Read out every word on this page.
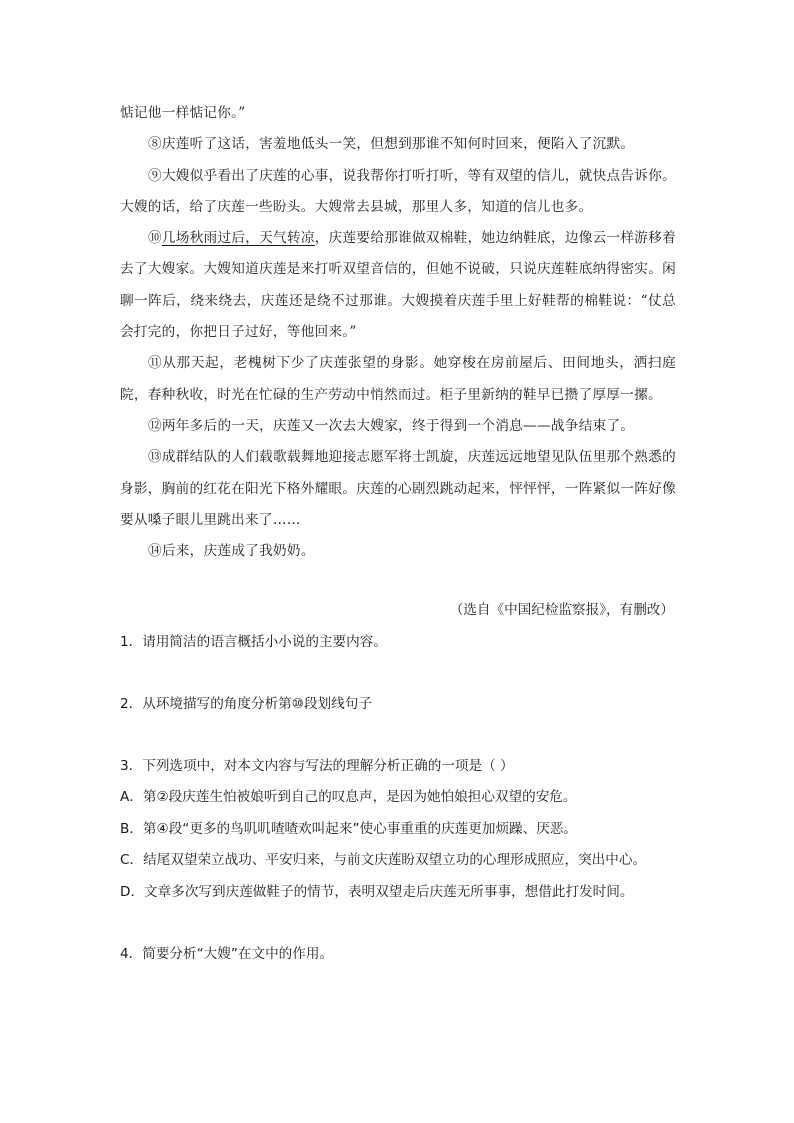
惦记他一样惦记你。”

⑧庆莲听了这话，害羞地低头一笑，但想到那谁不知何时回来，便陷入了沉默。

⑨大嫂似乎看出了庆莲的心事，说我帮你打听打听，等有双望的信儿，就快点告诉你。大嫂的话，给了庆莲一些盼头。大嫂常去县城，那里人多，知道的信儿也多。

⑩几场秋雨过后，天气转凉，庆莲要给那谁做双棉鞋，她边纳鞋底，边像云一样游移着去了大嫂家。大嫂知道庆莲是来打听双望音信的，但她不说破，只说庆莲鞋底纳得密实。闲聊一阵后，绕来绕去，庆莲还是绕不过那谁。大嫂摸着庆莲手里上好鞋帮的棉鞋说：“仗总会打完的，你把日子过好，等他回来。”

⑪从那天起，老槐树下少了庆莲张望的身影。她穿梭在房前屋后、田间地头，洒扫庭院，春种秋收，时光在忙碌的生产劳动中悄然而过。柜子里新纳的鞋早已攒了厚厚一摞。

⑫两年多后的一天，庆莲又一次去大嫂家，终于得到一个消息——战争结束了。

⑬成群结队的人们载歌载舞地迎接志愿军将士凯旋，庆莲远远地望见队伍里那个熟悉的身影，胸前的红花在阳光下格外耀眼。庆莲的心剧烈跳动起来，怦怦怦，一阵紧似一阵好像要从嗓子眼儿里跳出来了……

⑭后来，庆莲成了我奶奶。

（选自《中国纪检监察报》，有删改）
1．请用简洁的语言概括小小说的主要内容。
2．从环境描写的角度分析第⑩段划线句子
3．下列选项中，对本文内容与写法的理解分析正确的一项是（ ）
A．第②段庆莲生怕被娘听到自己的叹息声，是因为她怕娘担心双望的安危。
B．第④段“更多的鸟叽叽喳喳欢叫起来”使心事重重的庆莲更加烦躁、厌恶。
C．结尾双望荣立战功、平安归来，与前文庆莲盼双望立功的心理形成照应，突出中心。
D．文章多次写到庆莲做鞋子的情节，表明双望走后庆莲无所事事，想借此打发时间。
4．简要分析“大嫂”在文中的作用。
